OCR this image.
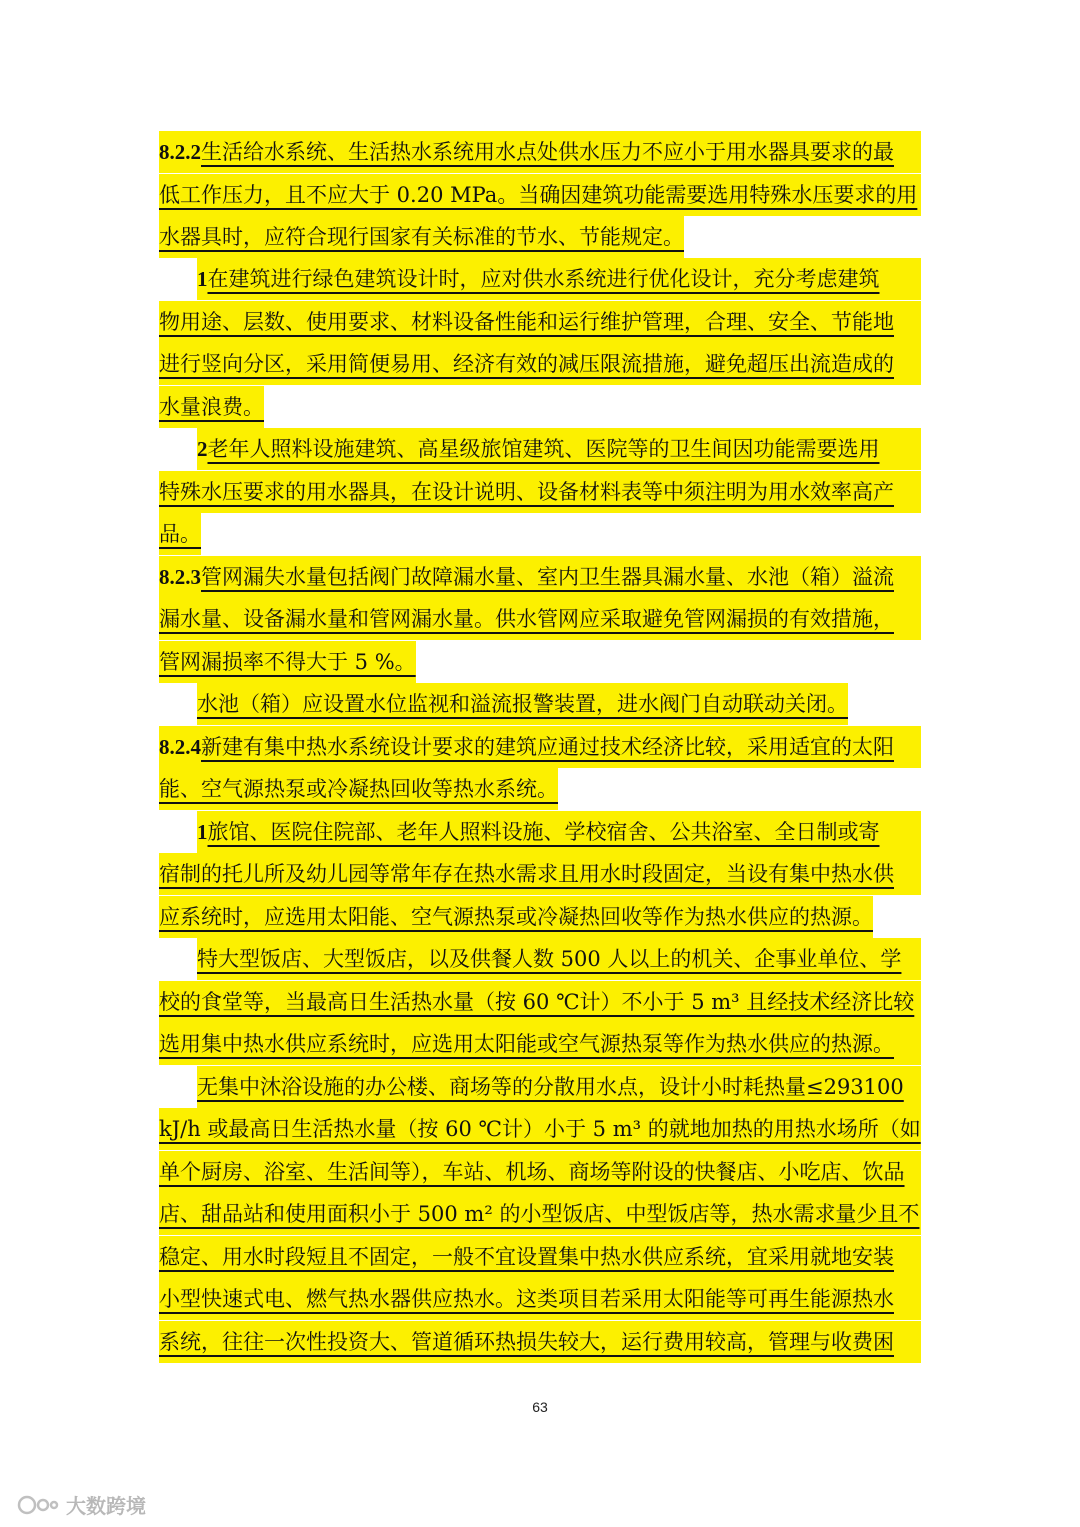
8.2.2生活给水系统、生活热水系统用水点处供水压力不应小于用水器具要求的最
低工作压力，且不应大于 0.20 MPa。当确因建筑功能需要选用特殊水压要求的用
水器具时，应符合现行国家有关标准的节水、节能规定。
1在建筑进行绿色建筑设计时，应对供水系统进行优化设计，充分考虑建筑
物用途、层数、使用要求、材料设备性能和运行维护管理，合理、安全、节能地
进行竖向分区，采用简便易用、经济有效的减压限流措施，避免超压出流造成的
水量浪费。
2老年人照料设施建筑、高星级旅馆建筑、医院等的卫生间因功能需要选用
特殊水压要求的用水器具，在设计说明、设备材料表等中须注明为用水效率高产
品。
8.2.3管网漏失水量包括阀门故障漏水量、室内卫生器具漏水量、水池（箱）溢流
漏水量、设备漏水量和管网漏水量。供水管网应采取避免管网漏损的有效措施，
管网漏损率不得大于 5 %。
水池（箱）应设置水位监视和溢流报警装置，进水阀门自动联动关闭。
8.2.4新建有集中热水系统设计要求的建筑应通过技术经济比较，采用适宜的太阳
能、空气源热泵或冷凝热回收等热水系统。
1旅馆、医院住院部、老年人照料设施、学校宿舍、公共浴室、全日制或寄
宿制的托儿所及幼儿园等常年存在热水需求且用水时段固定，当设有集中热水供
应系统时，应选用太阳能、空气源热泵或冷凝热回收等作为热水供应的热源。
特大型饭店、大型饭店，以及供餐人数 500 人以上的机关、企事业单位、学
校的食堂等，当最高日生活热水量（按 60 ℃计）不小于 5 m³ 且经技术经济比较
选用集中热水供应系统时，应选用太阳能或空气源热泵等作为热水供应的热源。
无集中沐浴设施的办公楼、商场等的分散用水点，设计小时耗热量≤293100
kJ/h 或最高日生活热水量（按 60 ℃计）小于 5 m³ 的就地加热的用热水场所（如
单个厨房、浴室、生活间等），车站、机场、商场等附设的快餐店、小吃店、饮品
店、甜品站和使用面积小于 500 m² 的小型饭店、中型饭店等，热水需求量少且不
稳定、用水时段短且不固定，一般不宜设置集中热水供应系统，宜采用就地安装
小型快速式电、燃气热水器供应热水。这类项目若采用太阳能等可再生能源热水
系统，往往一次性投资大、管道循环热损失较大，运行费用较高，管理与收费困
63
大数跨境
